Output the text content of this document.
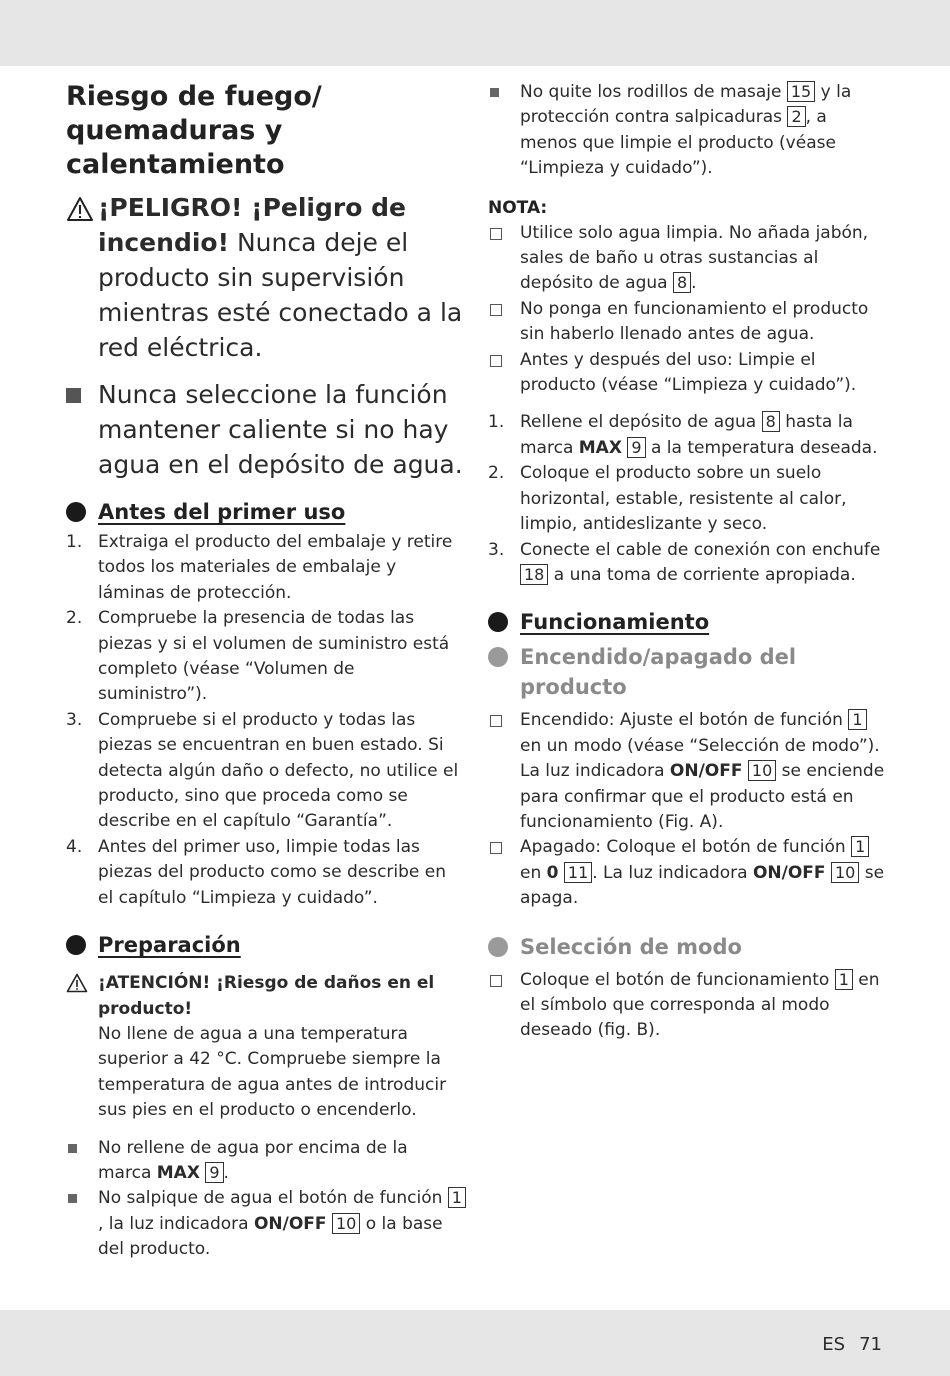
Riesgo de fuego/
quemaduras y
calentamiento
¡PELIGRO! ¡Peligro de incendio! Nunca deje el producto sin supervisión mientras esté conectado a la red eléctrica.
Nunca seleccione la función mantener caliente si no hay agua en el depósito de agua.
Antes del primer uso
1. Extraiga el producto del embalaje y retire todos los materiales de embalaje y láminas de protección.
2. Compruebe la presencia de todas las piezas y si el volumen de suministro está completo (véase “Volumen de suministro”).
3. Compruebe si el producto y todas las piezas se encuentran en buen estado. Si detecta algún daño o defecto, no utilice el producto, sino que proceda como se describe en el capítulo “Garantía”.
4. Antes del primer uso, limpie todas las piezas del producto como se describe en el capítulo “Limpieza y cuidado”.
Preparación
¡ATENCIÓN! ¡Riesgo de daños en el producto!
No llene de agua a una temperatura superior a 42 °C. Compruebe siempre la temperatura de agua antes de introducir sus pies en el producto o encenderlo.
No rellene de agua por encima de la marca MAX 9 .
No salpique de agua el botón de función 1, la luz indicadora ON/OFF 10 o la base del producto.
No quite los rodillos de masaje 15 y la protección contra salpicaduras 2 , a menos que limpie el producto (véase “Limpieza y cuidado”).
NOTA:
Utilice solo agua limpia. No añada jabón, sales de baño u otras sustancias al depósito de agua 8 .
No ponga en funcionamiento el producto sin haberlo llenado antes de agua.
Antes y después del uso: Limpie el producto (véase “Limpieza y cuidado”).
1. Rellene el depósito de agua 8 hasta la marca MAX 9 a la temperatura deseada.
2. Coloque el producto sobre un suelo horizontal, estable, resistente al calor, limpio, antideslizante y seco.
3. Conecte el cable de conexión con enchufe 18 a una toma de corriente apropiada.
Funcionamiento
Encendido/apagado del producto
Encendido: Ajuste el botón de función 1 en un modo (véase “Selección de modo”).
La luz indicadora ON/OFF 10 se enciende para confirmar que el producto está en funcionamiento (Fig. A).
Apagado: Coloque el botón de función 1 en 0 11 . La luz indicadora ON/OFF 10 se apaga.
Selección de modo
Coloque el botón de funcionamiento 1 en el símbolo que corresponda al modo deseado (fig. B).
ES 71
